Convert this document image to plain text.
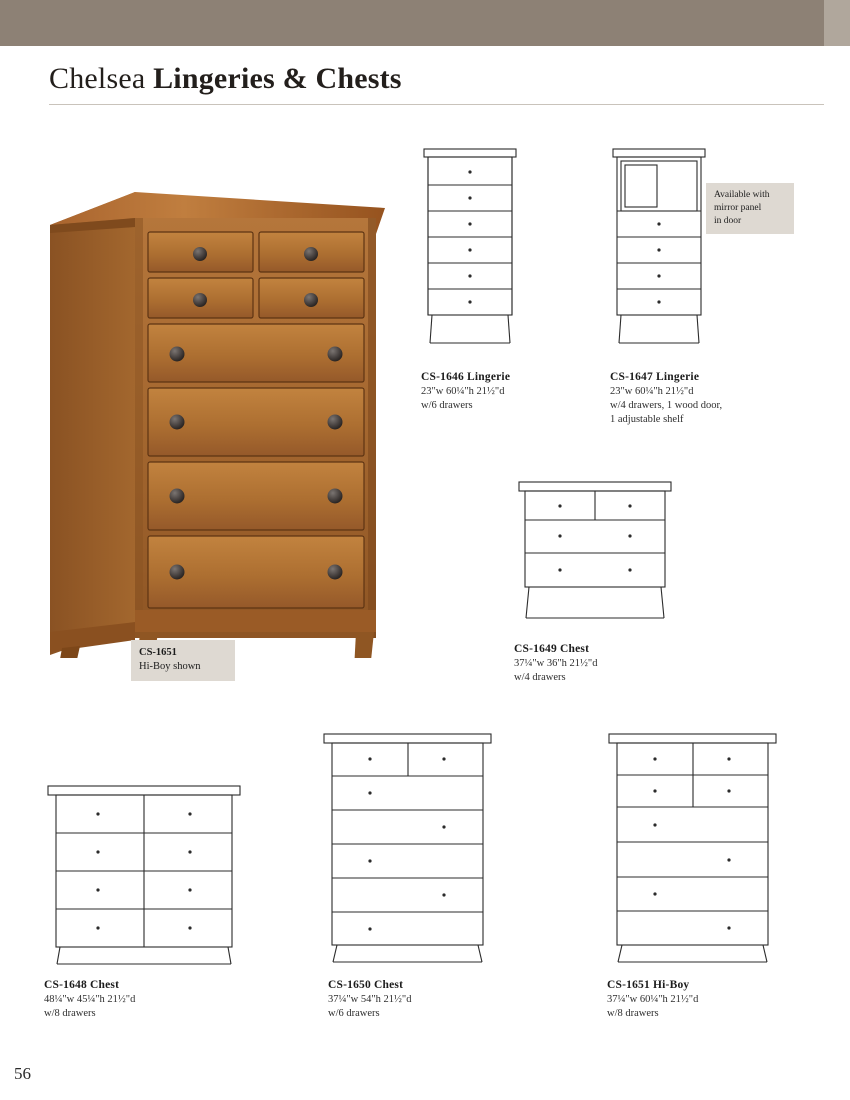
Chelsea Lingeries & Chests
CS-1651
Hi-Boy shown
CS-1646 Lingerie
23"w 60¼"h 21½"d
w/6 drawers
Available with
mirror panel
in door
CS-1647 Lingerie
23"w 60¼"h 21½"d
w/4 drawers, 1 wood door,
1 adjustable shelf
CS-1649 Chest
37¼"w 36"h 21½"d
w/4 drawers
CS-1648 Chest
48¼"w 45¼"h 21½"d
w/8 drawers
CS-1650 Chest
37¼"w 54"h 21½"d
w/6 drawers
CS-1651 Hi-Boy
37¼"w 60¼"h 21½"d
w/8 drawers
56
